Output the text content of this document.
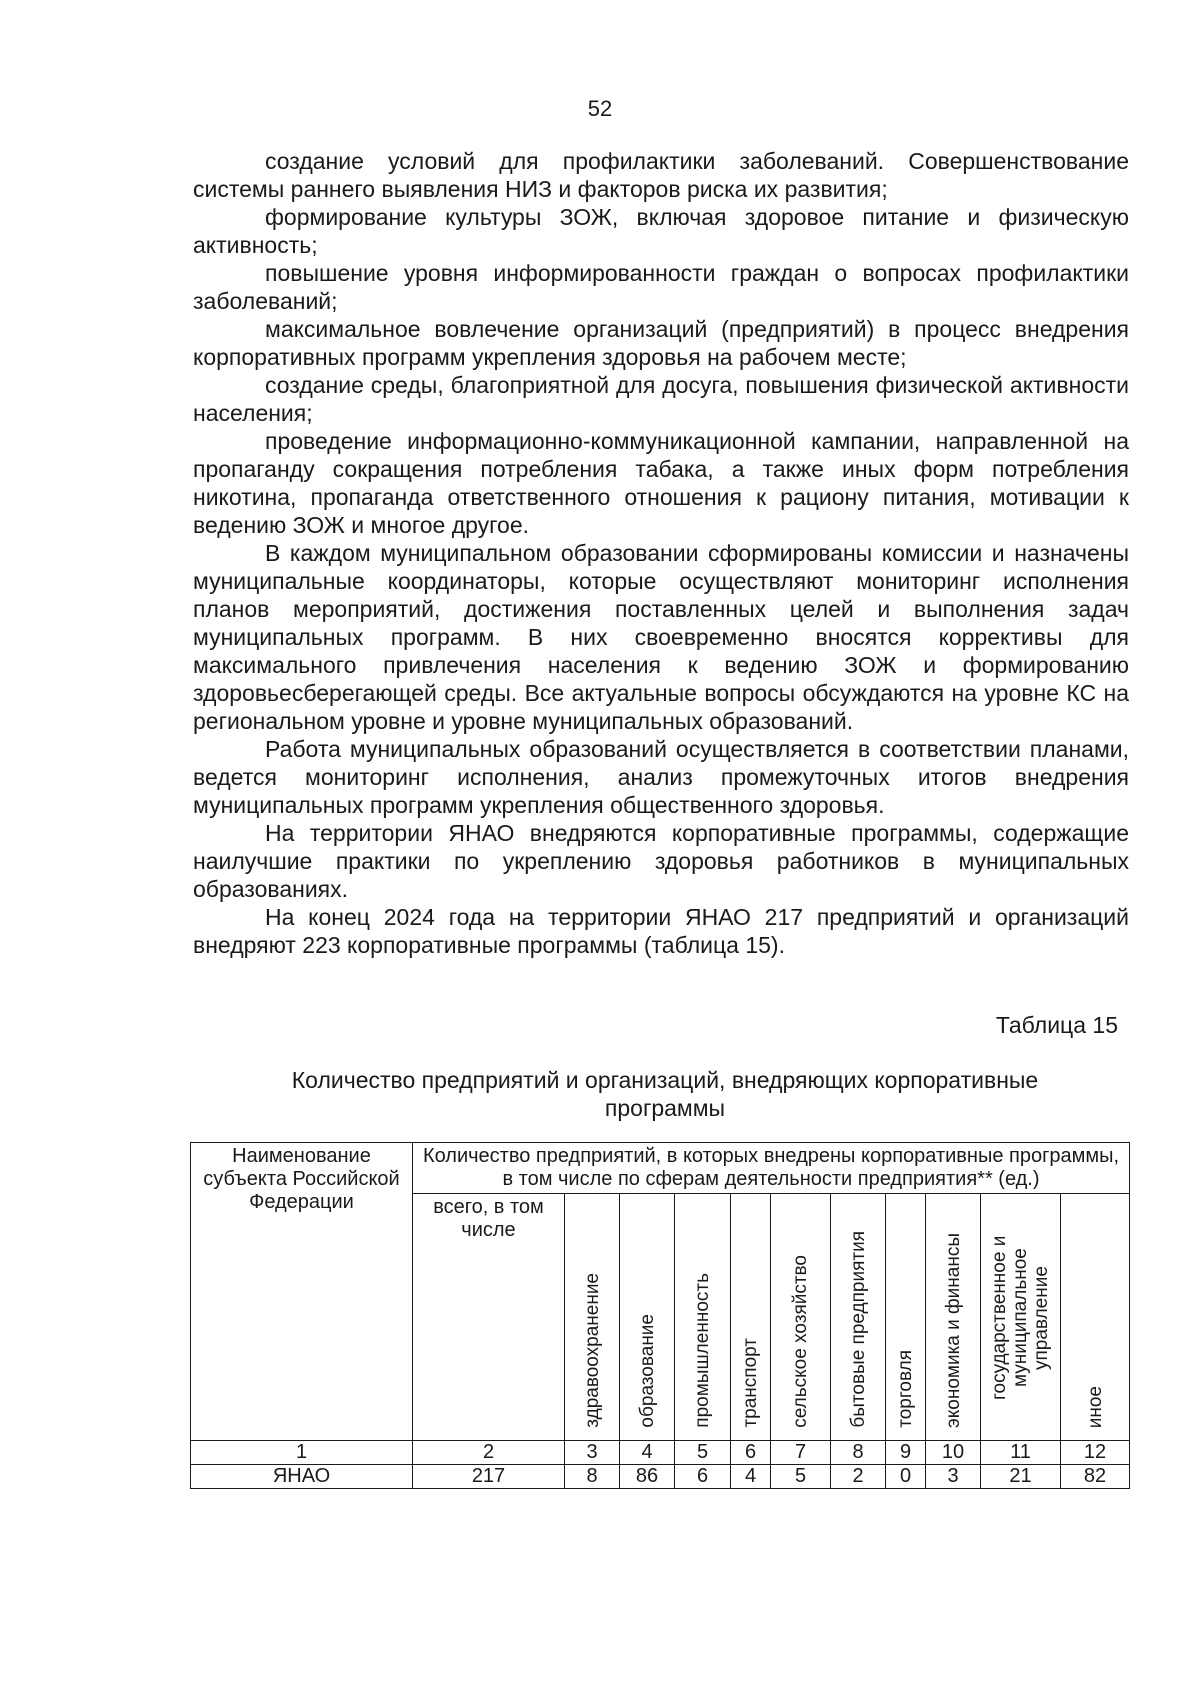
52

создание условий для профилактики заболеваний. Совершенствование системы раннего выявления НИЗ и факторов риска их развития;

формирование культуры ЗОЖ, включая здоровое питание и физическую активность;

повышение уровня информированности граждан о вопросах профилактики заболеваний;

максимальное вовлечение организаций (предприятий) в процесс внедрения корпоративных программ укрепления здоровья на рабочем месте;

создание среды, благоприятной для досуга, повышения физической активности населения;

проведение информационно-коммуникационной кампании, направленной на пропаганду сокращения потребления табака, а также иных форм потребления никотина, пропаганда ответственного отношения к рациону питания, мотивации к ведению ЗОЖ и многое другое.

В каждом муниципальном образовании сформированы комиссии и назначены муниципальные координаторы, которые осуществляют мониторинг исполнения планов мероприятий, достижения поставленных целей и выполнения задач муниципальных программ. В них своевременно вносятся коррективы для максимального привлечения населения к ведению ЗОЖ и формированию здоровьесберегающей среды. Все актуальные вопросы обсуждаются на уровне КС на региональном уровне и уровне муниципальных образований.

Работа муниципальных образований осуществляется в соответствии планами, ведется мониторинг исполнения, анализ промежуточных итогов внедрения муниципальных программ укрепления общественного здоровья.

На территории ЯНАО внедряются корпоративные программы, содержащие наилучшие практики по укреплению здоровья работников в муниципальных образованиях.

На конец 2024 года на территории ЯНАО 217 предприятий и организаций внедряют 223 корпоративные программы (таблица 15).

Таблица 15
Количество предприятий и организаций, внедряющих корпоративные программы
Наименование субъекта Российской Федерации	Количество предприятий, в которых внедрены корпоративные программы, в том числе по сферам деятельности предприятия** (ед.)										
	всего, в том числе	здравоохранение	образование	промышленность	транспорт	сельское хозяйство	бытовые предприятия	торговля	экономика и финансы	государственное и муниципальное управление	иное
1	2	3	4	5	6	7	8	9	10	11	12
ЯНАО	217	8	86	6	4	5	2	0	3	21	82
